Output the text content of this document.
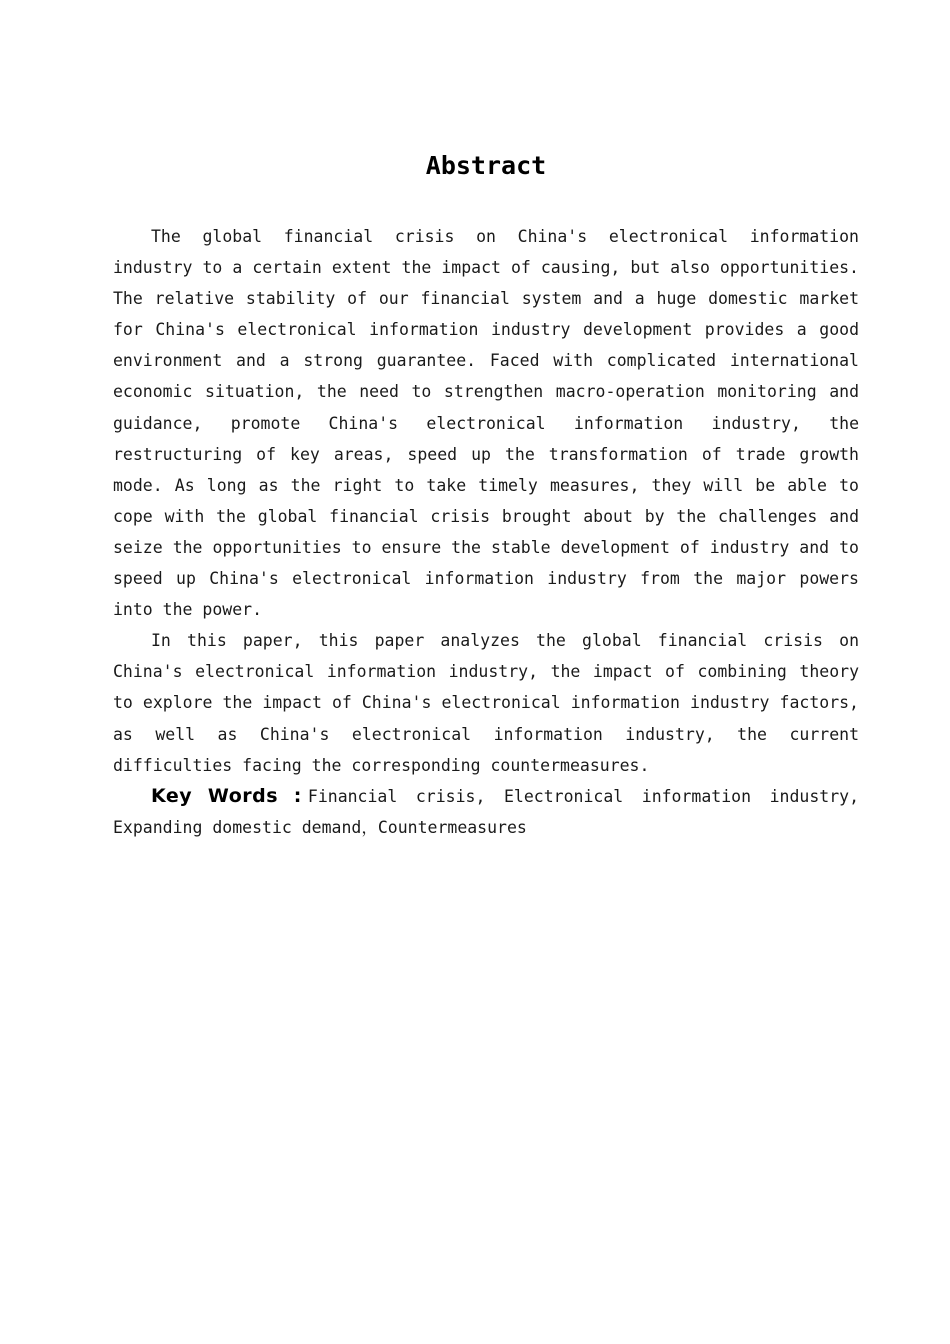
Abstract

The global financial crisis on China's electronical information industry to a certain extent the impact of causing, but also opportunities. The relative stability of our financial system and a huge domestic market for China's electronical information industry development provides a good environment and a strong guarantee. Faced with complicated international economic situation, the need to strengthen macro-operation monitoring and guidance, promote China's electronical information industry, the restructuring of key areas, speed up the transformation of trade growth mode. As long as the right to take timely measures, they will be able to cope with the global financial crisis brought about by the challenges and seize the opportunities to ensure the stable development of industry and to speed up China's electronical information industry from the major powers into the power.

In this paper, this paper analyzes the global financial crisis on China's electronical information industry, the impact of combining theory to explore the impact of China's electronical information industry factors, as well as China's electronical information industry, the current difficulties facing the corresponding countermeasures.

Key Words : Financial crisis, Electronical information industry, Expanding domestic demand，Countermeasures
